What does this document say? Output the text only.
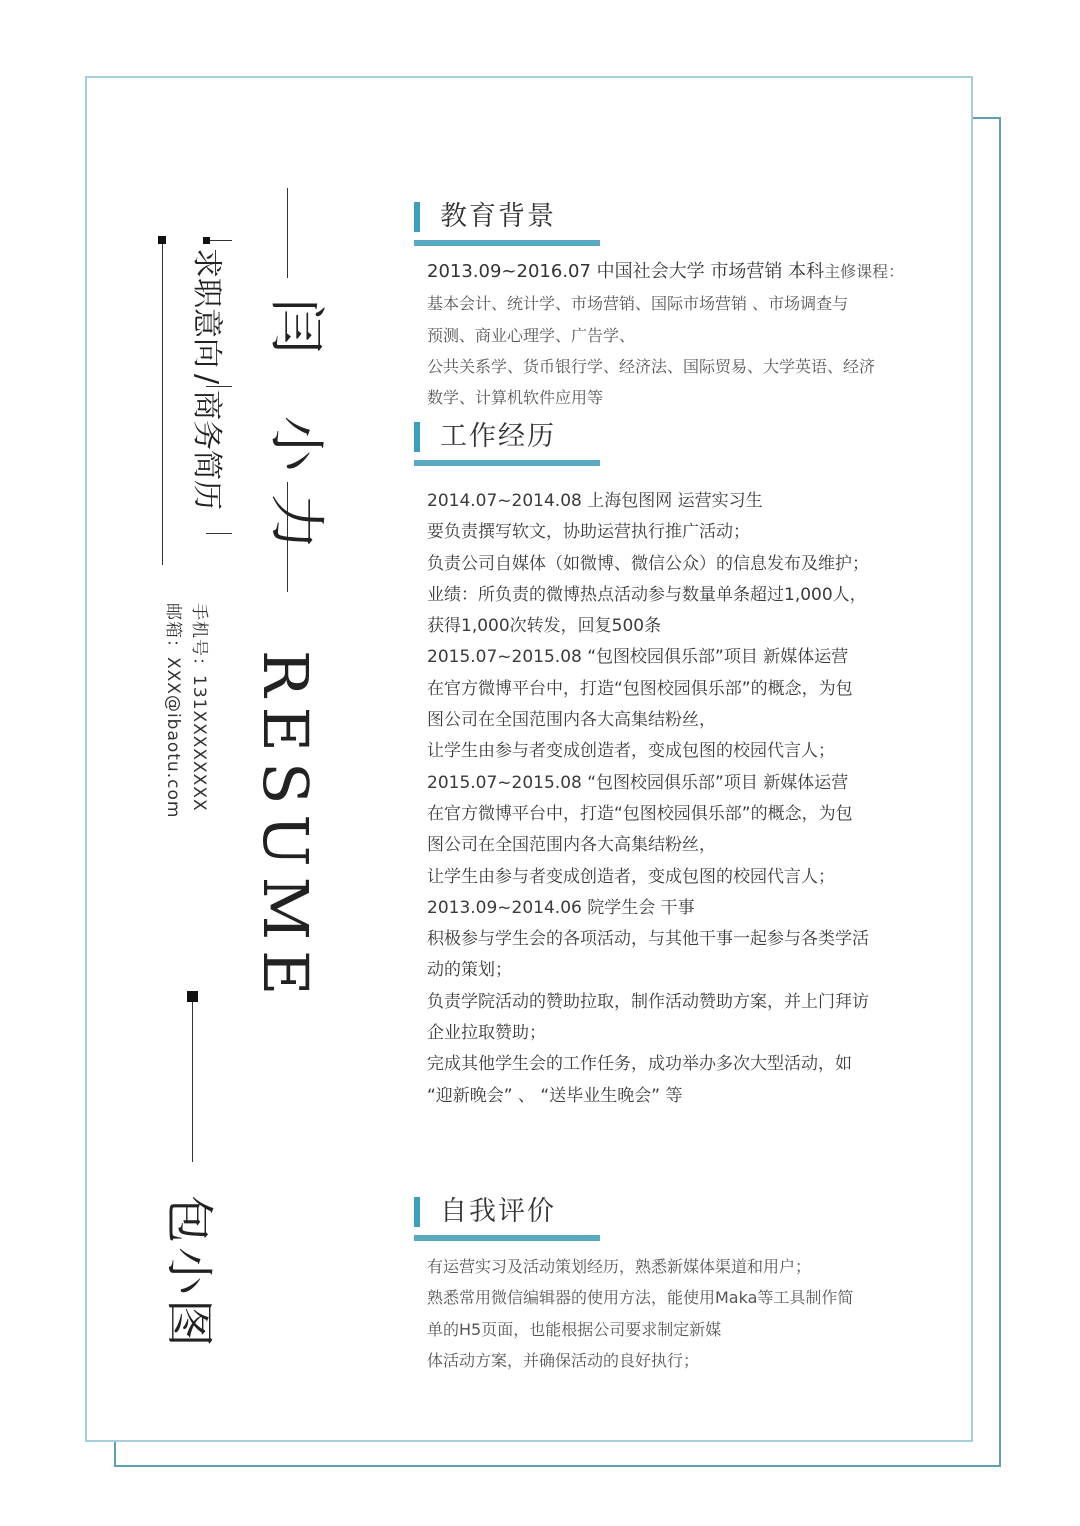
闫 小力
RESUME
求职意向/商务简历
手机号：131XXXXXXXX
邮箱：XXX@ibaotu.com
包小图
教育背景
2013.09~2016.07 中国社会大学 市场营销 本科主修课程：
基本会计、统计学、市场营销、国际市场营销 、市场调查与
预测、商业心理学、广告学、
公共关系学、货币银行学、经济法、国际贸易、大学英语、经济
数学、计算机软件应用等
工作经历
2014.07~2014.08 上海包图网 运营实习生
要负责撰写软文，协助运营执行推广活动；
负责公司自媒体（如微博、微信公众）的信息发布及维护；
业绩：所负责的微博热点活动参与数量单条超过1,000人，
获得1,000次转发，回复500条
2015.07~2015.08 “包图校园俱乐部”项目 新媒体运营
在官方微博平台中，打造“包图校园俱乐部”的概念，为包
图公司在全国范围内各大高集结粉丝，
让学生由参与者变成创造者，变成包图的校园代言人；
2015.07~2015.08 “包图校园俱乐部”项目 新媒体运营
在官方微博平台中，打造“包图校园俱乐部”的概念，为包
图公司在全国范围内各大高集结粉丝，
让学生由参与者变成创造者，变成包图的校园代言人；
2013.09~2014.06 院学生会 干事
积极参与学生会的各项活动，与其他干事一起参与各类学活
动的策划；
负责学院活动的赞助拉取，制作活动赞助方案，并上门拜访
企业拉取赞助；
完成其他学生会的工作任务，成功举办多次大型活动，如
“迎新晚会” 、 “送毕业生晚会” 等
自我评价
有运营实习及活动策划经历，熟悉新媒体渠道和用户；
熟悉常用微信编辑器的使用方法，能使用Maka等工具制作简
单的H5页面，也能根据公司要求制定新媒
体活动方案，并确保活动的良好执行；
